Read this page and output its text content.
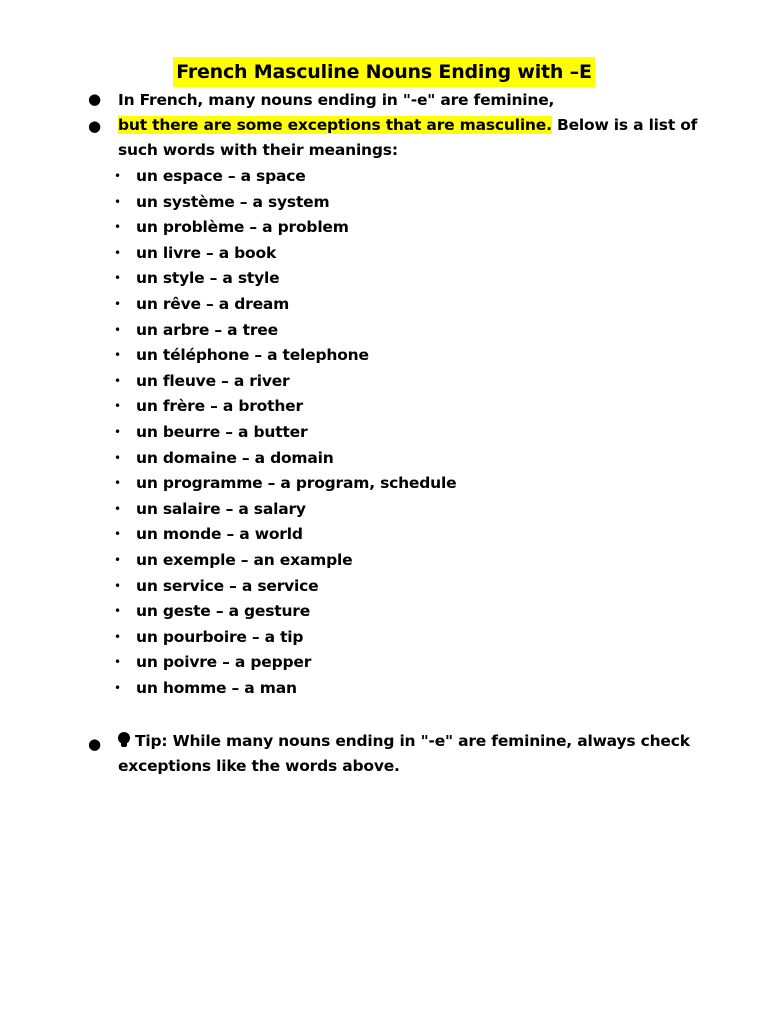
French Masculine Nouns Ending with –E
● In French, many nouns ending in "-e" are feminine,
● but there are some exceptions that are masculine. Below is a list of
such words with their meanings:
• un espace – a space
• un système – a system
• un problème – a problem
• un livre – a book
• un style – a style
• un rêve – a dream
• un arbre – a tree
• un téléphone – a telephone
• un fleuve – a river
• un frère – a brother
• un beurre – a butter
• un domaine – a domain
• un programme – a program, schedule
• un salaire – a salary
• un monde – a world
• un exemple – an example
• un service – a service
• un geste – a gesture
• un pourboire – a tip
• un poivre – a pepper
• un homme – a man
●	Tip: While many nouns ending in "-e" are feminine, always check
exceptions like the words above.
